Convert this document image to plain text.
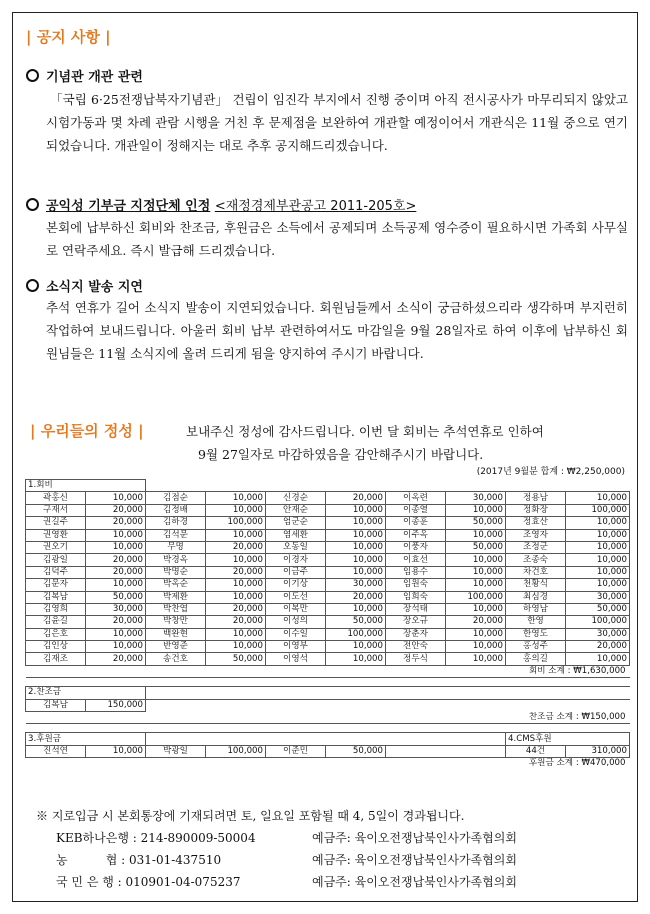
| 공지 사항 |
기념관 개관 관련
「국립 6·25전쟁납북자기념관」 건립이 임진각 부지에서 진행 중이며 아직 전시공사가 마무리되지 않았고 시험가동과 몇 차례 관람 시행을 거친 후 문제점을 보완하여 개관할 예정이어서 개관식은 11월 중으로 연기되었습니다. 개관일이 정해지는 대로 추후 공지해드리겠습니다.
공익성 기부금 지정단체 인정 <재정경제부관공고 2011-205호>
본회에 납부하신 회비와 찬조금, 후원금은 소득에서 공제되며 소득공제 영수증이 필요하시면 가족회 사무실로 연락주세요. 즉시 발급해 드리겠습니다.
소식지 발송 지연
추석 연휴가 길어 소식지 발송이 지연되었습니다. 회원님들께서 소식이 궁금하셨으리라 생각하며 부지런히 작업하여 보내드립니다. 아울러 회비 납부 관련하여서도 마감일을 9월 28일자로 하여 이후에 납부하신 회원님들은 11월 소식지에 올려 드리게 됨을 양지하여 주시기 바랍니다.
| 우리들의 정성 |	보내주신 정성에 감사드립니다. 이번 달 회비는 추석연휴로 인하여
9월 27일자로 마감하였음을 감안해주시기 바랍니다.
(2017년 9월분 합계 : ₩2,250,000)
1.회비									
곽홍신	10,000	김점순	10,000	신경순	20,000	이옥련	30,000	정용남	10,000
구재서	20,000	김정배	10,000	안재순	10,000	이종열	10,000	정화장	100,000
권길주	20,000	김하경	100,000	엄군순	10,000	이종훈	50,000	정효산	10,000
권영환	10,000	김석문	10,000	염세환	10,000	이주옥	10,000	조영자	10,000
권오기	10,000	무명	20,000	오동일	10,000	이풍자	50,000	조정군	10,000
김광일	20,000	박경옥	10,000	이경자	10,000	이효선	10,000	조종숙	10,000
김덕주	20,000	박명순	20,000	이금주	10,000	임용수	10,000	차건호	10,000
김문자	10,000	박옥순	10,000	이기상	30,000	임원숙	10,000	천황식	10,000
김복남	50,000	박제환	10,000	이도선	20,000	임희숙	100,000	최심경	30,000
김영희	30,000	박찬엽	20,000	이복만	10,000	장석태	10,000	하영남	50,000
김윤길	20,000	박창만	20,000	이성의	50,000	장오규	20,000	한영	100,000
김은호	10,000	백완현	10,000	이수일	100,000	장춘자	10,000	한영도	30,000
김인상	10,000	반영준	10,000	이영부	10,000	전안숙	10,000	홍성주	20,000
김재조	20,000	송건호	50,000	이영석	10,000	정두식	10,000	홍의길	10,000
회비 소계 : ₩1,630,000									

2.찬조금									
김복남	150,000								
찬조금 소계 : ₩150,000									

3.후원금								4.CMS후원	
진석연	10,000	박광일	100,000	이준민	50,000			44건	310,000
후원금 소계 : ₩470,000									
※ 지로입금 시 본회통장에 기재되려면 토, 일요일 포함될 때 4, 5일이 경과됩니다.
KEB하나은행 : 214-890009-50004	예금주: 육이오전쟁납북인사가족협의회
농          협 : 031-01-437510	예금주: 육이오전쟁납북인사가족협의회
국 민 은 행 : 010901-04-075237	예금주: 육이오전쟁납북인사가족협의회
